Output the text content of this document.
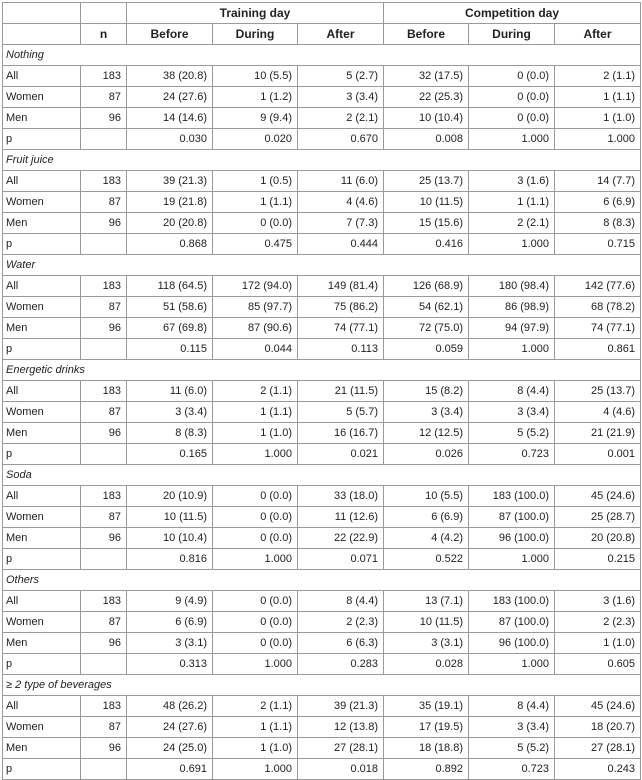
		Training day			Competition day		
	n	Before	During	After	Before	During	After
Nothing							
All	183	38 (20.8)	10 (5.5)	5 (2.7)	32 (17.5)	0 (0.0)	2 (1.1)
Women	87	24 (27.6)	1 (1.2)	3 (3.4)	22 (25.3)	0 (0.0)	1 (1.1)
Men	96	14 (14.6)	9 (9.4)	2 (2.1)	10 (10.4)	0 (0.0)	1 (1.0)
p		0.030	0.020	0.670	0.008	1.000	1.000
Fruit juice							
All	183	39 (21.3)	1 (0.5)	11 (6.0)	25 (13.7)	3 (1.6)	14 (7.7)
Women	87	19 (21.8)	1 (1.1)	4 (4.6)	10 (11.5)	1 (1.1)	6 (6.9)
Men	96	20 (20.8)	0 (0.0)	7 (7.3)	15 (15.6)	2 (2.1)	8 (8.3)
p		0.868	0.475	0.444	0.416	1.000	0.715
Water							
All	183	118 (64.5)	172 (94.0)	149 (81.4)	126 (68.9)	180 (98.4)	142 (77.6)
Women	87	51 (58.6)	85 (97.7)	75 (86.2)	54 (62.1)	86 (98.9)	68 (78.2)
Men	96	67 (69.8)	87 (90.6)	74 (77.1)	72 (75.0)	94 (97.9)	74 (77.1)
p		0.115	0.044	0.113	0.059	1.000	0.861
Energetic drinks							
All	183	11 (6.0)	2 (1.1)	21 (11.5)	15 (8.2)	8 (4.4)	25 (13.7)
Women	87	3 (3.4)	1 (1.1)	5 (5.7)	3 (3.4)	3 (3.4)	4 (4.6)
Men	96	8 (8.3)	1 (1.0)	16 (16.7)	12 (12.5)	5 (5.2)	21 (21.9)
p		0.165	1.000	0.021	0.026	0.723	0.001
Soda							
All	183	20 (10.9)	0 (0.0)	33 (18.0)	10 (5.5)	183 (100.0)	45 (24.6)
Women	87	10 (11.5)	0 (0.0)	11 (12.6)	6 (6.9)	87 (100.0)	25 (28.7)
Men	96	10 (10.4)	0 (0.0)	22 (22.9)	4 (4.2)	96 (100.0)	20 (20.8)
p		0.816	1.000	0.071	0.522	1.000	0.215
Others							
All	183	9 (4.9)	0 (0.0)	8 (4.4)	13 (7.1)	183 (100.0)	3 (1.6)
Women	87	6 (6.9)	0 (0.0)	2 (2.3)	10 (11.5)	87 (100.0)	2 (2.3)
Men	96	3 (3.1)	0 (0.0)	6 (6.3)	3 (3.1)	96 (100.0)	1 (1.0)
p		0.313	1.000	0.283	0.028	1.000	0.605
≥ 2 type of beverages							
All	183	48 (26.2)	2 (1.1)	39 (21.3)	35 (19.1)	8 (4.4)	45 (24.6)
Women	87	24 (27.6)	1 (1.1)	12 (13.8)	17 (19.5)	3 (3.4)	18 (20.7)
Men	96	24 (25.0)	1 (1.0)	27 (28.1)	18 (18.8)	5 (5.2)	27 (28.1)
p		0.691	1.000	0.018	0.892	0.723	0.243
